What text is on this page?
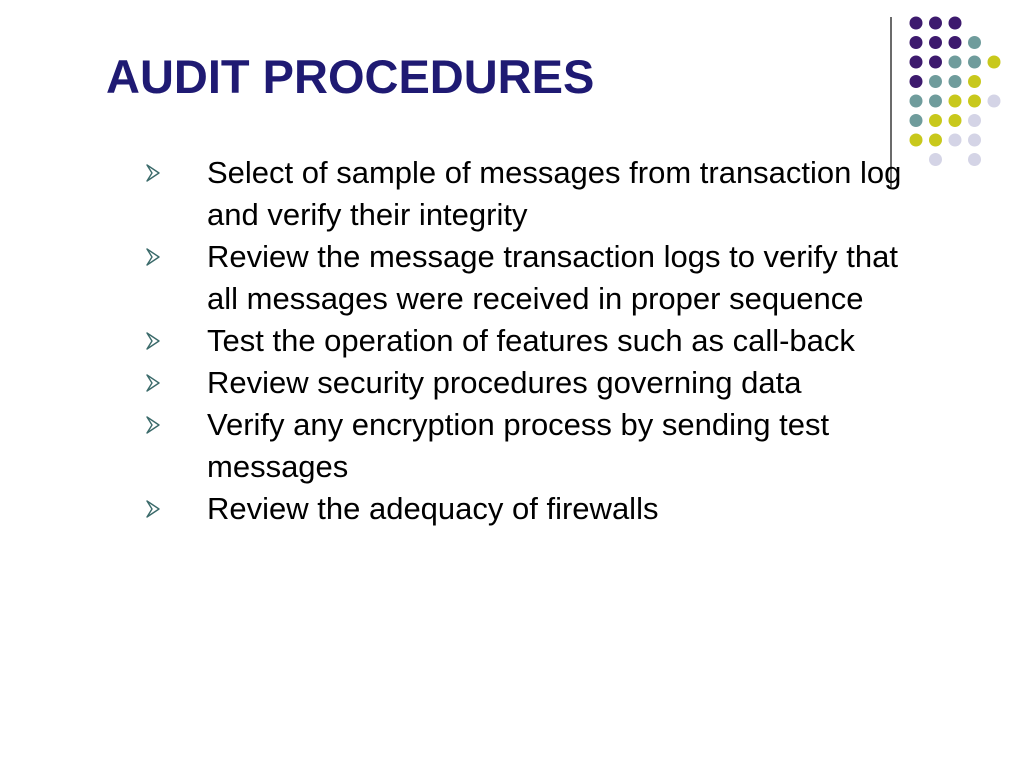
AUDIT PROCEDURES
Select of sample of messages from transaction log and verify their integrity
Review the message transaction logs to verify that all messages were received in proper sequence
Test the operation of features such as call-back
Review security procedures governing data
Verify any encryption process by sending test messages
Review the adequacy of firewalls
